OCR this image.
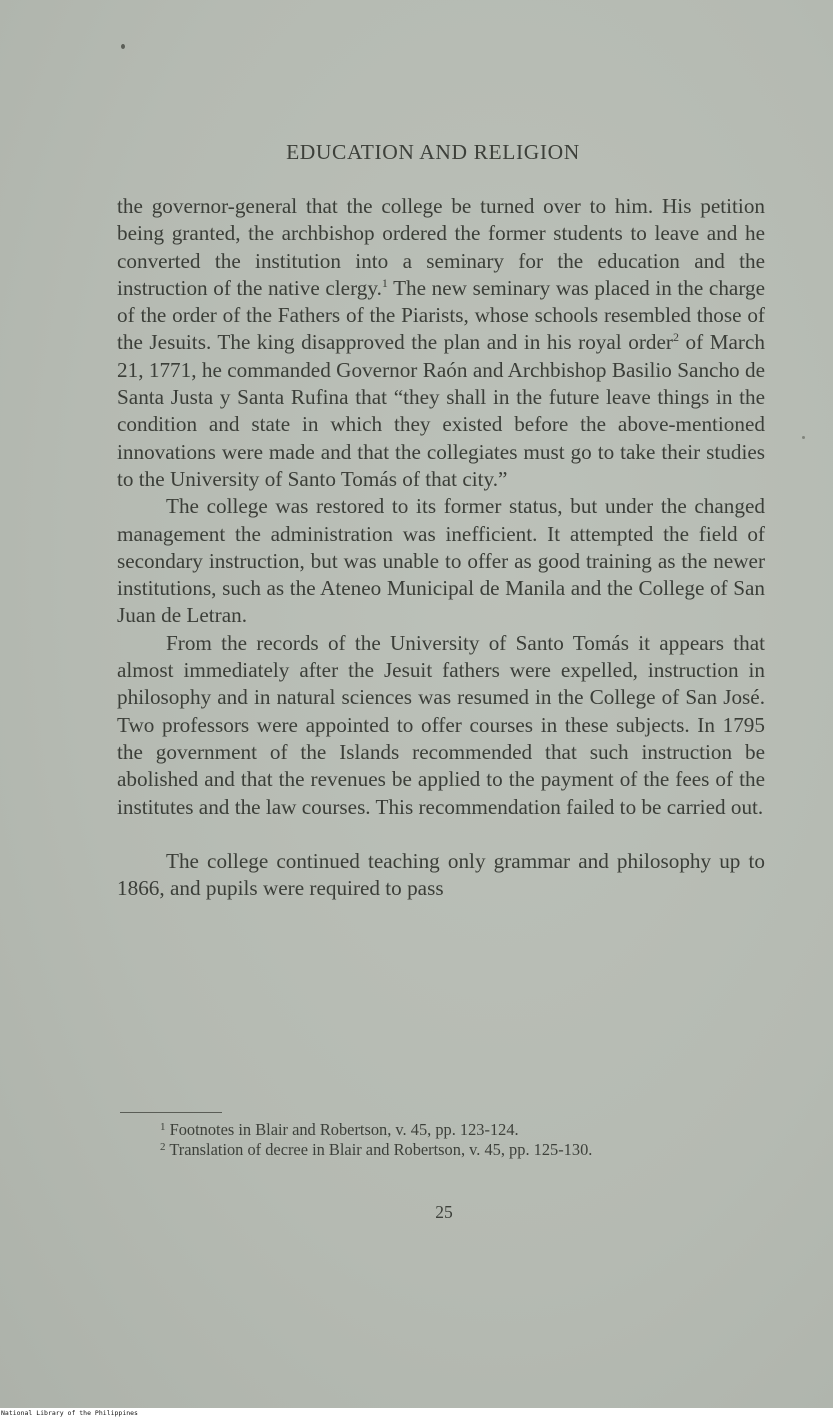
EDUCATION AND RELIGION

the governor-general that the college be turned over to him. His petition being granted, the archbishop ordered the former students to leave and he converted the institution into a seminary for the education and the instruction of the native clergy.$^1$ The new seminary was placed in the charge of the order of the Fathers of the Piarists, whose schools resembled those of the Jesuits. The king disapproved the plan and in his royal order$^2$ of March 21, 1771, he commanded Governor Raón and Archbishop Basilio Sancho de Santa Justa y Santa Rufina that “they shall in the future leave things in the condition and state in which they existed before the above-mentioned innovations were made and that the collegiates must go to take their studies to the University of Santo Tomás of that city.”

The college was restored to its former status, but under the changed management the administration was inefficient. It attempted the field of secondary instruction, but was unable to offer as good training as the newer institutions, such as the Ateneo Municipal de Manila and the College of San Juan de Letran.

From the records of the University of Santo Tomás it appears that almost immediately after the Jesuit fathers were expelled, instruction in philosophy and in natural sciences was resumed in the College of San José. Two professors were appointed to offer courses in these subjects. In 1795 the government of the Islands recommended that such instruction be abolished and that the revenues be applied to the payment of the fees of the institutes and the law courses. This recommendation failed to be carried out.

The college continued teaching only grammar and philosophy up to 1866, and pupils were required to pass

$^1$ Footnotes in Blair and Robertson, v. 45, pp. 123-124.

$^2$ Translation of decree in Blair and Robertson, v. 45, pp. 125-130.

25
National Library of the Philippines
